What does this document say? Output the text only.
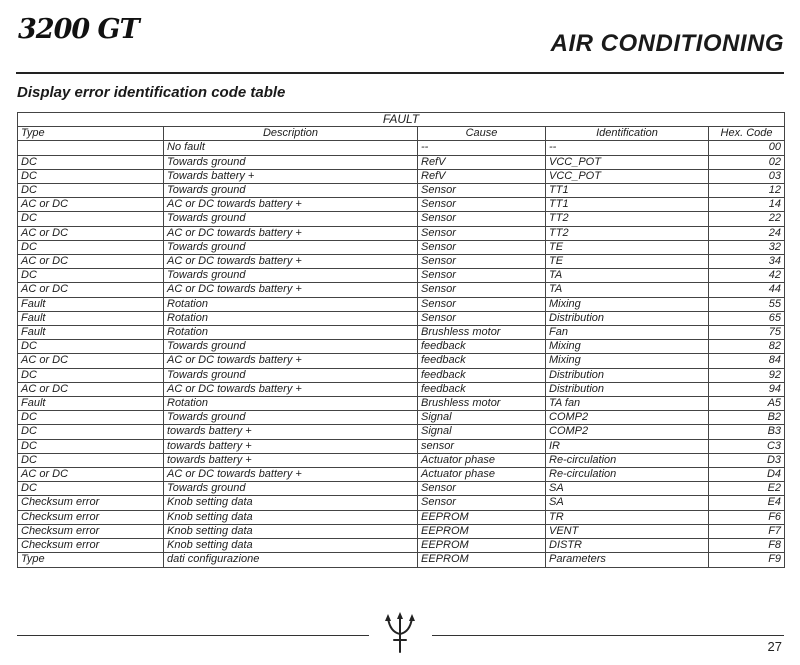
3200 GT	AIR CONDITIONING
Display error identification code table
FAULT				
Type	Description	Cause	Identification	Hex. Code
	No fault	--	--	00
DC	Towards ground	RefV	VCC_POT	02
DC	Towards battery +	RefV	VCC_POT	03
DC	Towards ground	Sensor	TT1	12
AC or DC	AC or DC towards battery +	Sensor	TT1	14
DC	Towards ground	Sensor	TT2	22
AC or DC	AC or DC towards battery +	Sensor	TT2	24
DC	Towards ground	Sensor	TE	32
AC or DC	AC or DC towards battery +	Sensor	TE	34
DC	Towards ground	Sensor	TA	42
AC or DC	AC or DC towards battery +	Sensor	TA	44
Fault	Rotation	Sensor	Mixing	55
Fault	Rotation	Sensor	Distribution	65
Fault	Rotation	Brushless motor	Fan	75
DC	Towards ground	feedback	Mixing	82
AC or DC	AC or DC towards battery +	feedback	Mixing	84
DC	Towards ground	feedback	Distribution	92
AC or DC	AC or DC towards battery +	feedback	Distribution	94
Fault	Rotation	Brushless motor	TA fan	A5
DC	Towards ground	Signal	COMP2	B2
DC	towards battery +	Signal	COMP2	B3
DC	towards battery +	sensor	IR	C3
DC	towards battery +	Actuator phase	Re-circulation	D3
AC or DC	AC or DC towards battery +	Actuator phase	Re-circulation	D4
DC	Towards ground	Sensor	SA	E2
Checksum error	Knob setting data	Sensor	SA	E4
Checksum error	Knob setting data	EEPROM	TR	F6
Checksum error	Knob setting data	EEPROM	VENT	F7
Checksum error	Knob setting data	EEPROM	DISTR	F8
Type	dati configurazione	EEPROM	Parameters	F9
27
